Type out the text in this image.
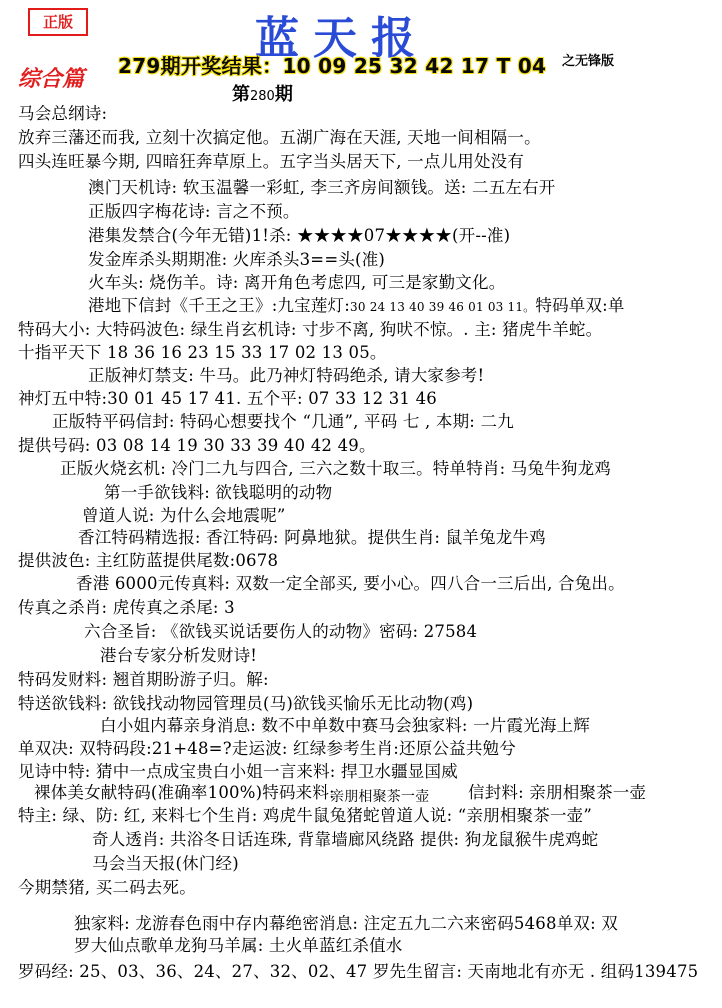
正版	蓝天报
279期开奖结果：10 09 25 32 42 17 T 04 之无锋版
综合篇
第280期
马会总纲诗:
放弃三藩还而我, 立刻十次搞定他。五湖广海在天涯, 天地一间相隔一。
四头连旺暴今期, 四暗狂奔草原上。五字当头居天下, 一点儿用处没有
澳门天机诗: 软玉温馨一彩虹, 李三齐房间额钱。送: 二五左右开
正版四字梅花诗: 言之不预。
港集发禁合(今年无错)1!杀: ★★★★07★★★★(开--准)
发金库杀头期期准: 火库杀头3==头(准)
火车头: 烧伤羊。诗: 离开角色考虑四, 可三是家勤文化。
港地下信封《千王之王》:九宝莲灯:30 24 13 40 39 46 01 03 11。特码单双:单
特码大小: 大特码波色: 绿生肖玄机诗: 寸步不离, 狗吠不惊。. 主: 猪虎牛羊蛇。
十指平天下 18 36 16 23 15 33 17 02 13 05。
正版神灯禁支: 牛马。此乃神灯特码绝杀, 请大家参考!
神灯五中特:30 01 45 17 41. 五个平: 07 33 12 31 46
正版特平码信封: 特码心想要找个 “几通”, 平码 七 , 本期: 二九
提供号码: 03 08 14 19 30 33 39 40 42 49。
正版火烧玄机: 冷门二九与四合, 三六之数十取三。特单特肖: 马兔牛狗龙鸡
第一手欲钱料: 欲钱聪明的动物
曾道人说: 为什么会地震呢”
香江特码精选报: 香江特码: 阿鼻地狱。提供生肖: 鼠羊兔龙牛鸡
提供波色: 主红防蓝提供尾数:0678
香港 6000元传真料: 双数一定全部买, 要小心。四八合一三后出, 合兔出。
传真之杀肖: 虎传真之杀尾: 3
六合圣旨: 《欲钱买说话要伤人的动物》密码: 27584
港台专家分析发财诗!
特码发财料: 翘首期盼游子归。解:
特送欲钱料: 欲钱找动物园管理员(马)欲钱买愉乐无比动物(鸡)
白小姐内幕亲身消息: 数不中单数中赛马会独家料: 一片霞光海上辉
单双决: 双特码段:21+48=?走运波: 红绿参考生肖:还原公益共勉兮
见诗中特: 猜中一点成宝贵白小姐一言来料: 捍卫水疆显国威
裸体美女献特码(准确率100%)特码来料:
亲朋相聚茶一壶 信封料: 亲朋相聚茶一壶
特主: 绿、防: 红, 来料七个生肖: 鸡虎牛鼠兔猪蛇曾道人说: “亲朋相聚茶一壶”
奇人透肖: 共浴冬日话连珠, 背靠墙廊风绕路 提供: 狗龙鼠猴牛虎鸡蛇
马会当天报(休门经)
今期禁猪, 买二码去死。
独家料: 龙游春色雨中存内幕绝密消息: 注定五九二六来密码5468单双: 双
罗大仙点歌单龙狗马羊属: 土火单蓝红杀值水
罗码经: 25、03、36、24、27、32、02、47 罗先生留言: 天南地北有亦无 . 组码139475
